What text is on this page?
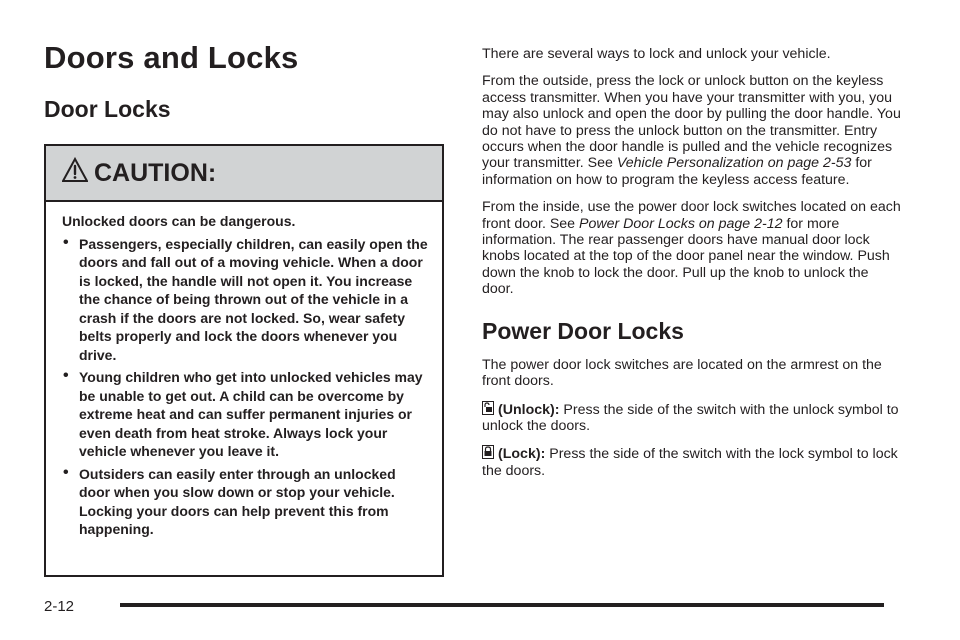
Doors and Locks
Door Locks
CAUTION:

Unlocked doors can be dangerous.

• Passengers, especially children, can easily open the doors and fall out of a moving vehicle. When a door is locked, the handle will not open it. You increase the chance of being thrown out of the vehicle in a crash if the doors are not locked. So, wear safety belts properly and lock the doors whenever you drive.
• Young children who get into unlocked vehicles may be unable to get out. A child can be overcome by extreme heat and can suffer permanent injuries or even death from heat stroke. Always lock your vehicle whenever you leave it.
• Outsiders can easily enter through an unlocked door when you slow down or stop your vehicle. Locking your doors can help prevent this from happening.

There are several ways to lock and unlock your vehicle.

From the outside, press the lock or unlock button on the keyless access transmitter. When you have your transmitter with you, you may also unlock and open the door by pulling the door handle. You do not have to press the unlock button on the transmitter. Entry occurs when the door handle is pulled and the vehicle recognizes your transmitter. See Vehicle Personalization on page 2-53 for information on how to program the keyless access feature.

From the inside, use the power door lock switches located on each front door. See Power Door Locks on page 2-12 for more information. The rear passenger doors have manual door lock knobs located at the top of the door panel near the window. Push down the knob to lock the door. Pull up the knob to unlock the door.

Power Door Locks

The power door lock switches are located on the armrest on the front doors.

(Unlock): Press the side of the switch with the unlock symbol to unlock the doors.

(Lock): Press the side of the switch with the lock symbol to lock the doors.

2-12
